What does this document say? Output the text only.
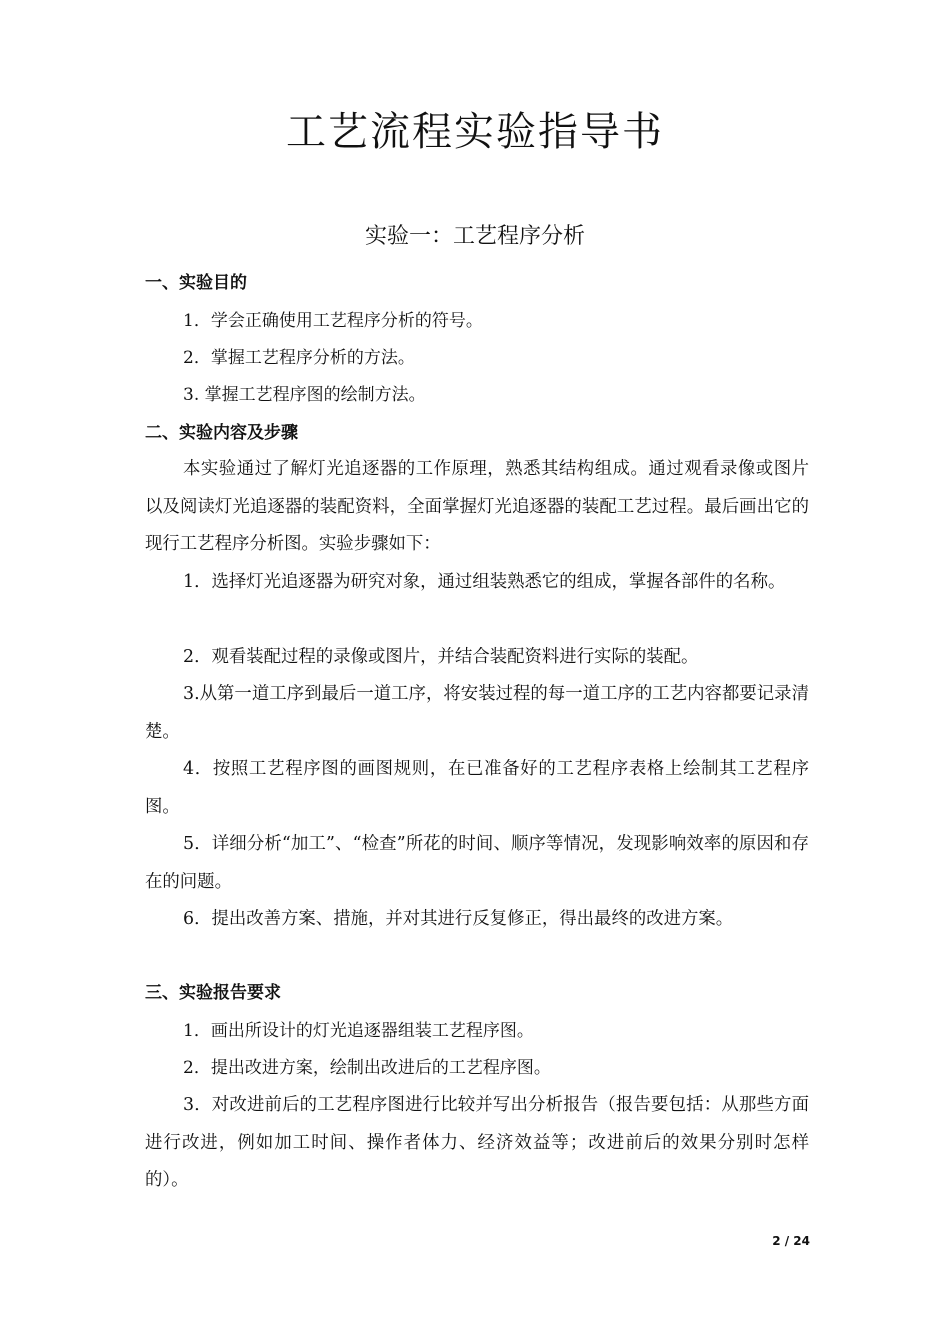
工艺流程实验指导书
实验一：工艺程序分析
一、实验目的
1．学会正确使用工艺程序分析的符号。
2．掌握工艺程序分析的方法。
3. 掌握工艺程序图的绘制方法。
二、实验内容及步骤
本实验通过了解灯光追逐器的工作原理，熟悉其结构组成。通过观看录像或图片以及阅读灯光追逐器的装配资料，全面掌握灯光追逐器的装配工艺过程。最后画出它的现行工艺程序分析图。实验步骤如下：
1．选择灯光追逐器为研究对象，通过组装熟悉它的组成，掌握各部件的名称。
2．观看装配过程的录像或图片，并结合装配资料进行实际的装配。
3.从第一道工序到最后一道工序，将安装过程的每一道工序的工艺内容都要记录清楚。
4．按照工艺程序图的画图规则，在已准备好的工艺程序表格上绘制其工艺程序图。
5．详细分析“加工”、“检查”所花的时间、顺序等情况，发现影响效率的原因和存在的问题。
6．提出改善方案、措施，并对其进行反复修正，得出最终的改进方案。
三、实验报告要求
1．画出所设计的灯光追逐器组装工艺程序图。
2．提出改进方案，绘制出改进后的工艺程序图。
3．对改进前后的工艺程序图进行比较并写出分析报告（报告要包括：从那些方面进行改进，例如加工时间、操作者体力、经济效益等；改进前后的效果分别时怎样的）。
2 / 24
